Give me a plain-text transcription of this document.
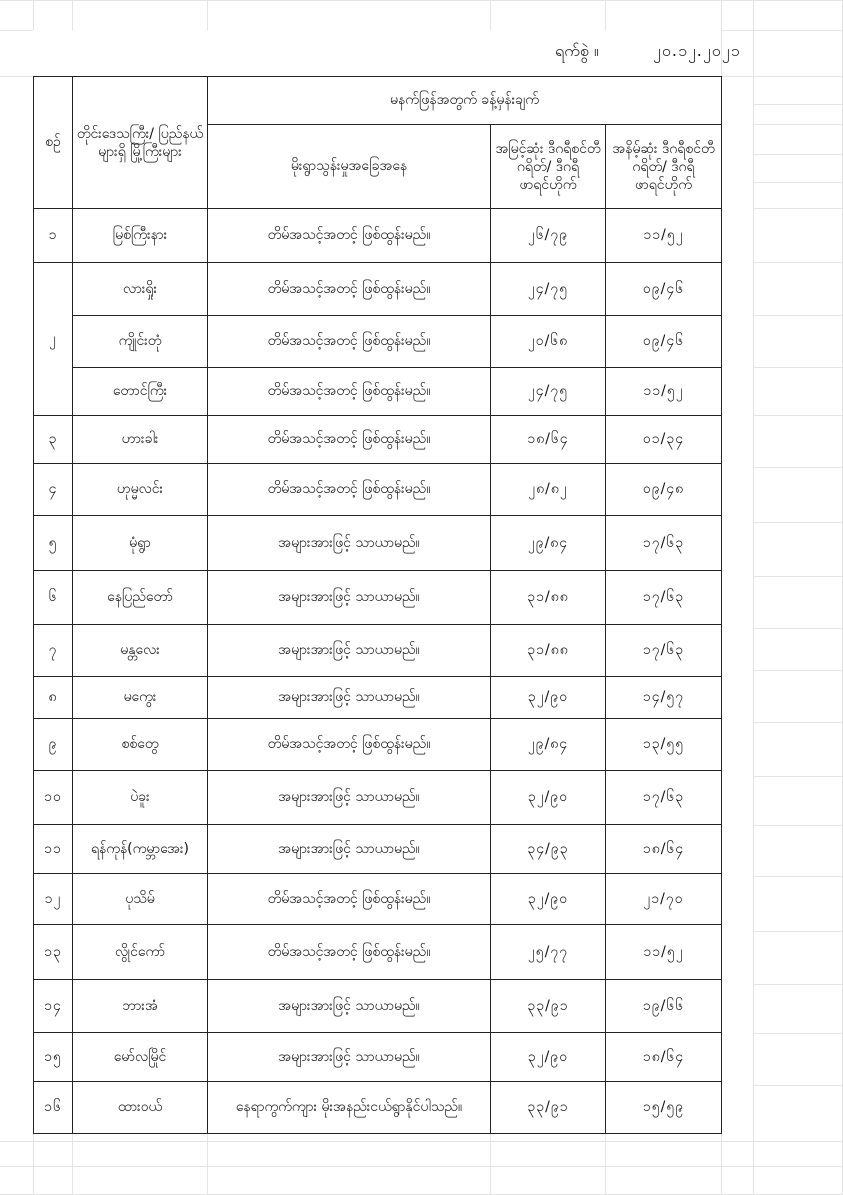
ရက်စွဲ ။	၂၀.၁၂.၂၀၂၁
စဉ်	တိုင်းဒေသကြီး/ ပြည်နယ်များရှိ မြို့ကြီးများ	မနက်ဖြန်အတွက် ခန့်မှန်းချက်		
		မိုးရွာသွန်းမှုအခြေအနေ	အမြင့်ဆုံး ဒီဂရီစင်တီဂရိတ်/ ဒီဂရီဖာရင်ဟိုက်	အနိမ့်ဆုံး ဒီဂရီစင်တီဂရိတ်/ ဒီဂရီဖာရင်ဟိုက်
၁	မြစ်ကြီးနား	တိမ်အသင့်အတင့် ဖြစ်ထွန်းမည်။	၂၆/၇၉	၁၁/၅၂
၂	လားရှိုး	တိမ်အသင့်အတင့် ဖြစ်ထွန်းမည်။	၂၄/၇၅	၀၉/၄၆
	ကျိုင်းတုံ	တိမ်အသင့်အတင့် ဖြစ်ထွန်းမည်။	၂၀/၆၈	၀၉/၄၆
	တောင်ကြီး	တိမ်အသင့်အတင့် ဖြစ်ထွန်းမည်။	၂၄/၇၅	၁၁/၅၂
၃	ဟားခါး	တိမ်အသင့်အတင့် ဖြစ်ထွန်းမည်။	၁၈/၆၄	၀၁/၃၄
၄	ဟုမ္မလင်း	တိမ်အသင့်အတင့် ဖြစ်ထွန်းမည်။	၂၈/၈၂	၀၉/၄၈
၅	မုံရွာ	အများအားဖြင့် သာယာမည်။	၂၉/၈၄	၁၇/၆၃
၆	နေပြည်တော်	အများအားဖြင့် သာယာမည်။	၃၁/၈၈	၁၇/၆၃
၇	မန္တလေး	အများအားဖြင့် သာယာမည်။	၃၁/၈၈	၁၇/၆၃
၈	မကွေး	အများအားဖြင့် သာယာမည်။	၃၂/၉၀	၁၄/၅၇
၉	စစ်တွေ	တိမ်အသင့်အတင့် ဖြစ်ထွန်းမည်။	၂၉/၈၄	၁၃/၅၅
၁၀	ပဲခူး	အများအားဖြင့် သာယာမည်။	၃၂/၉၀	၁၇/၆၃
၁၁	ရန်ကုန်(ကမ္ဘာအေး)	အများအားဖြင့် သာယာမည်။	၃၄/၉၃	၁၈/၆၄
၁၂	ပုသိမ်	တိမ်အသင့်အတင့် ဖြစ်ထွန်းမည်။	၃၂/၉၀	၂၁/၇၀
၁၃	လွိုင်ကော်	တိမ်အသင့်အတင့် ဖြစ်ထွန်းမည်။	၂၅/၇၇	၁၁/၅၂
၁၄	ဘားအံ	အများအားဖြင့် သာယာမည်။	၃၃/၉၁	၁၉/၆၆
၁၅	မော်လမြိုင်	အများအားဖြင့် သာယာမည်။	၃၂/၉၀	၁၈/၆၄
၁၆	ထားဝယ်	နေရာကွက်ကျား မိုးအနည်းငယ်ရွာနိုင်ပါသည်။	၃၃/၉၁	၁၅/၅၉
